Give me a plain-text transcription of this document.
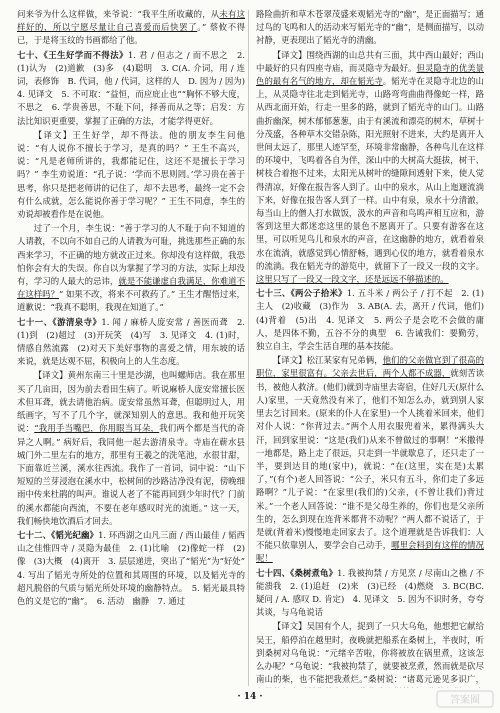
问来爷为什么这样做，来爷说：“我平生所收藏的，从未有这样好的，所以宁愿尽量让自己喜爱而后快罢了。” 蔡攸不得已，于是将玉纹的书画都给了他。

七十、《王生好学而不得法》1. 君 / 但志之 / 而不思之　2. (1)认为　(2)道歉　(3)多　(4)聪明　3. C(A. 介词，用 / 连词，表修饰　B. 代词，他 / 代词，这样的人　D. 因为 / 因为)　4. 见译文　5. 不可取：“益恒，而应庇止也”“胸怀不够大度，不思之　6. 学贵善思，不耻下问，择善而从之等；启发：方法比知识更重要，掌握了正确的方法，才能学得更好。

【译文】王生好学，却不得法。他的朋友李生问他说：“有人说你不擅长于学习，是真的吗？” 王生不高兴，说：“凡是老师所讲的，我都能记住，这还不是擅长于学习吗？” 李生劝说道：“孔子说：‘学而不思则罔。’学习贵在善于思考，你只是把老师讲的记住了，却不去思考，最终一定不会有什么成就，怎么能说你善于学习呢？” 王生不同意，李生的劝说却被看作是在说他。

过了一个月，李生说：“善于学习的人不耻于向不知道的人请教，不以向不如自己的人请教为可耻，挑选那些正确的东西来学习，不正确的地方就改正过来。你却没有这样做，我恐怕你会有大的失误。你自以为掌握了学习的方法，实际上却没有，学习的人最大的忌讳，就是不能谦虚自我满足，你难道不在这样吗？” 如果不改，将来不可救药了。” 王生才醒悟过来，道歉说：“我真不聪明，我现在知道了。”

七十一、《游清泉寺》1. 闻 / 麻桥人庞安常 / 善医而聋　2. (1)到　(2)超过　(3)开玩笑　(4)写　3. 见译文　4. (1)时，情感自然流露　(2)对天下美好事物的喜爱之情，用东坡的话来说，就是达观不屈，积极向上的人生态度。

【译文】黄州东南三十里是沙湖，也叫螺师店。我在那里买了几亩田，因为前去看田生病了。听说麻桥人庞安常擅长医术但耳聋，就去请他治病。庞安常虽然耳聋，但聪明过人，用纸画字，写不了几个字，就深知别人的意思。我和他开玩笑说：“我用手当嘴巴，你用眼当耳朵，我们两个都是当代的奇异之人啊。” 病好后，我同他一起去游清泉寺。寺庙在蕲水县城门外二里左右的地方，那里有王羲之的洗笔池，水很甘甜，下面靠近兰溪，溪水往西流。我作了一首词，词中说：“山下短短的兰芽浸泡在溪水中，松树间的沙路洁净没有泥，傍晚细雨中传来杜鹃的叫声。谁说人老了不能再回到少年时代？门前的溪水都能向西流，不要在老年感叹时光的流逝。” 这一天，我们畅快地饮酒后才回去。

七十二、《韬光纪幽》1. 环西湖之山凡三面 / 西山最佳 / 韬西山之佳惟四寺 / 灵隐为最佳　2. (1)比喻　(2)像蛇一样　(2)像　(3)大概　(4)离开　3. 层层递进，突出了“韬光”为“好处”　4. 写出了韬光寺所处的位置和其周围的环境，以及韬光寺的超凡脱俗的气质与韬光所处环境的幽静特点。　5. 韬光最具特色的义是它的“幽”。　6. 活动　幽静　7. 通过

路险曲折和草木苍翠茂盛来观韬光寺的“幽”，是正面描写；通过鸟的飞鸣和人的活动来写韬光寺的“幽”，是侧面描写，以动衬静，更表现出了韬光寺的清幽。

【译文】围绕西湖的山总共有三面，其中西山最好；西山中最好的只有四座寺庙，而灵隐寺为最好。但灵隐寺的优美景色的最有名气的地方，却在韬光寺。韬光寺在灵隐寺北边的山上，从灵隐寺往北走到韬光寺，山路弯弯曲曲得像蛇一样，路从西北面开始，行走一里多的路，就到了韬光寺的山门。山路曲折幽深，树木郁郁葱葱，由于有溪流和漂亮的树木，草树十分茂盛，各种草木交错杂陈，阳光照射不进来，大约是离开人世间太远了，那里人迹罕至，环境非常幽静，各种鸟儿在这样的环境中，飞鸣着各自为伴，深山中的大树高大挺拔，树干、树枝合着抱不过来，太阳光从树叶的缝隙间透射下来，使人觉得清凉，好像在报告客人到了。山中的泉水，从山上迤逦流淌下来，好像在报告客人到了一样。山中有泉，泉水十分清澈，每当山上的僧人打水做饭，汲水的声音和鸟鸣声相互应和，游客到这里大都迷恋这里的景色不愿离开了。只要有游客在这里，可以听见鸟儿和泉水的声音，在这幽静的地方，就看着泉水在流淌，就感觉到心情舒畅，遇到心仪的地方，就看着泉水的流淌。我在韬光寺的游览中，就留下了一段又一段的文字。这里只写了一段又一段文字，还是远远不够描述的。

七十三、《两公子拾米》1. 五斗米 / 两公子 / 打不起　2. (1)主人　(2)收藏　(3)作为　3. AB(A. 去，离开 / 代词，他们)　(4)背着　(5)出　4. 见译文　5. 两公子是会吃不会做的庸人，是四体不勤，五谷不分的典型　6. 告诫我们：要勤劳，独立自主，学会生活自理的基本技能。

【译文】松江某家有兄弟俩，他们的父亲做官到了很高的职位，家里很富有。父亲去世后，两个人都不成器，就刻苦读书，被他人救济。(他们)就到寺庙里去寄宿，住好几天(原什么人)家里，一天竟然没有米了，他们不知怎么办，就到别人家里去乞讨回来。(原来的仆人在家里)一个人挑着米回来，他们对仆人说：“你背过去。”两个人用衣服兜着米，累得满头大汗，回到家里说：“这是(我们)从来不曾做过的事啊！”米撒得一地都是，路上走了很远，只走到一半就歇息了，还只走了一半，要到达目的地(家中)，就说：“在(这里，实在是)太累了，”(有个)老人回答说：“公子，米只有五斗，你们走了多远路啊？”儿子说：“在家里(我们的)父亲，(不曾让我们)背过米。”一个老人回答说：“谁不是父母生养的，你们也是父亲所生的，怎么到现在连背米都背不动呢？”两人都不说话了，于是就(背着米)慢慢地走回家去了。这个道理就是告诉我们：人不能只依靠别人，要学会自己动手，哪里会料到有这样的情况呢！

七十四、《桑树煮龟》1. 我被拘禁 / 方见烹 / 尽南山之樵 / 不能溃我　2. (1)追赶　(2)来　(3)已经　(4)燃烧　3. BC(BC. 疑问 / A. 感叹 D. 肯定)　4. 见译文　5. 因为不识时务，夸夸其谈，与乌龟说话

【译文】吴国有个人，捉到了一只大乌龟，他想把它献给吴王，船停泊在越里时，夜晚就把船系在桑树上，半夜时，听到桑树对乌龟说：“元绪辛苦啦，你将被放在锅里煮，这该怎么办呢？”乌龟说：“我被拘禁了，就要被烹煮，然而就是砍尽南山的柴，也不能把我煮烂。”桑树说：“诸葛元逊见多识广，

· 14 ·	答案圈
